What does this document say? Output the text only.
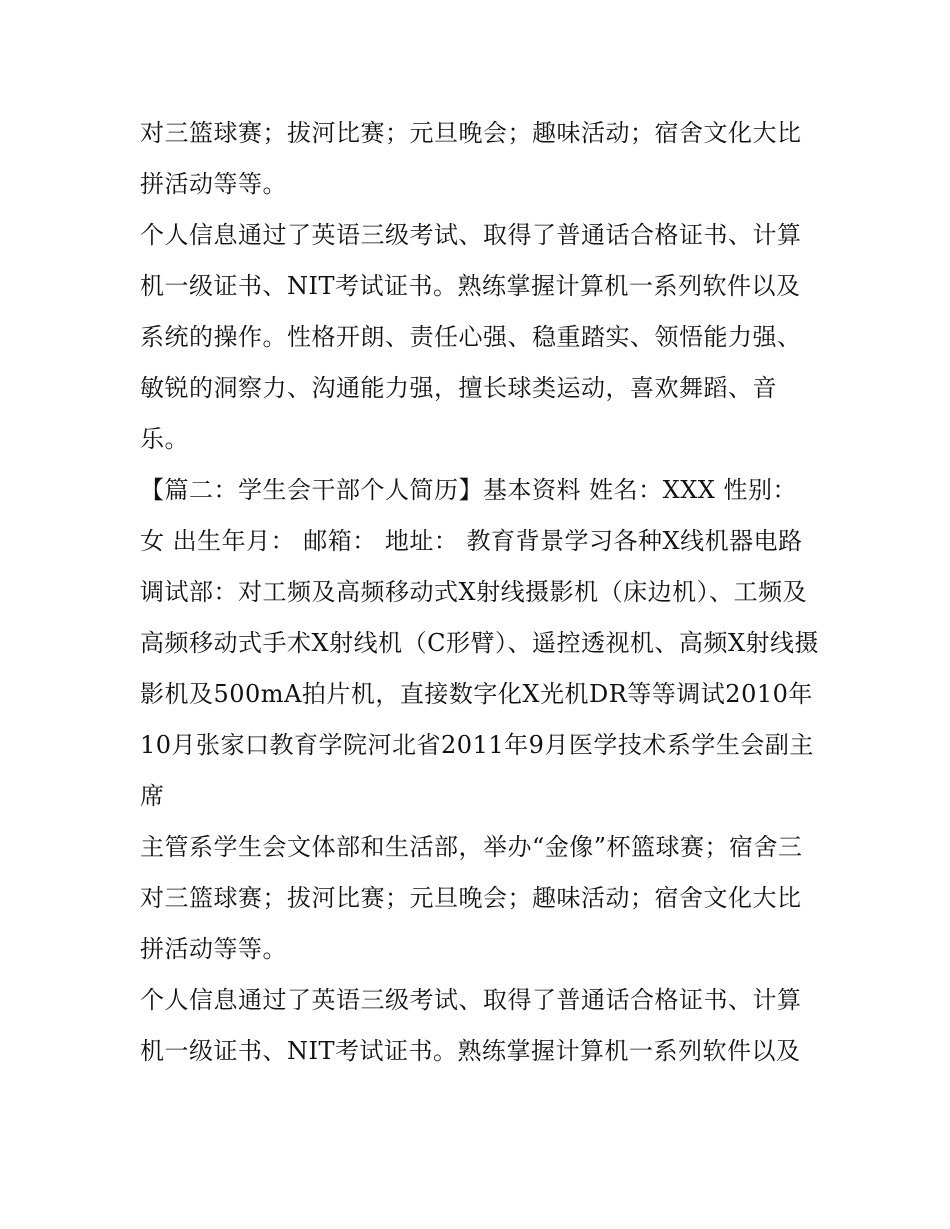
对三篮球赛；拔河比赛；元旦晚会；趣味活动；宿舍文化大比拼活动等等。

个人信息通过了英语三级考试、取得了普通话合格证书、计算机一级证书、NIT考试证书。熟练掌握计算机一系列软件以及系统的操作。性格开朗、责任心强、稳重踏实、领悟能力强、敏锐的洞察力、沟通能力强，擅长球类运动，喜欢舞蹈、音乐。

【篇二：学生会干部个人简历】基本资料 姓名：XXX 性别：女 出生年月： 邮箱： 地址： 教育背景学习各种X线机器电路

调试部：对工频及高频移动式X射线摄影机（床边机）、工频及高频移动式手术X射线机（C形臂）、遥控透视机、高频X射线摄影机及500mA拍片机，直接数字化X光机DR等等调试2010年10月张家口教育学院河北省2011年9月医学技术系学生会副主席

主管系学生会文体部和生活部，举办“金像”杯篮球赛；宿舍三对三篮球赛；拔河比赛；元旦晚会；趣味活动；宿舍文化大比拼活动等等。

个人信息通过了英语三级考试、取得了普通话合格证书、计算机一级证书、NIT考试证书。熟练掌握计算机一系列软件以及
